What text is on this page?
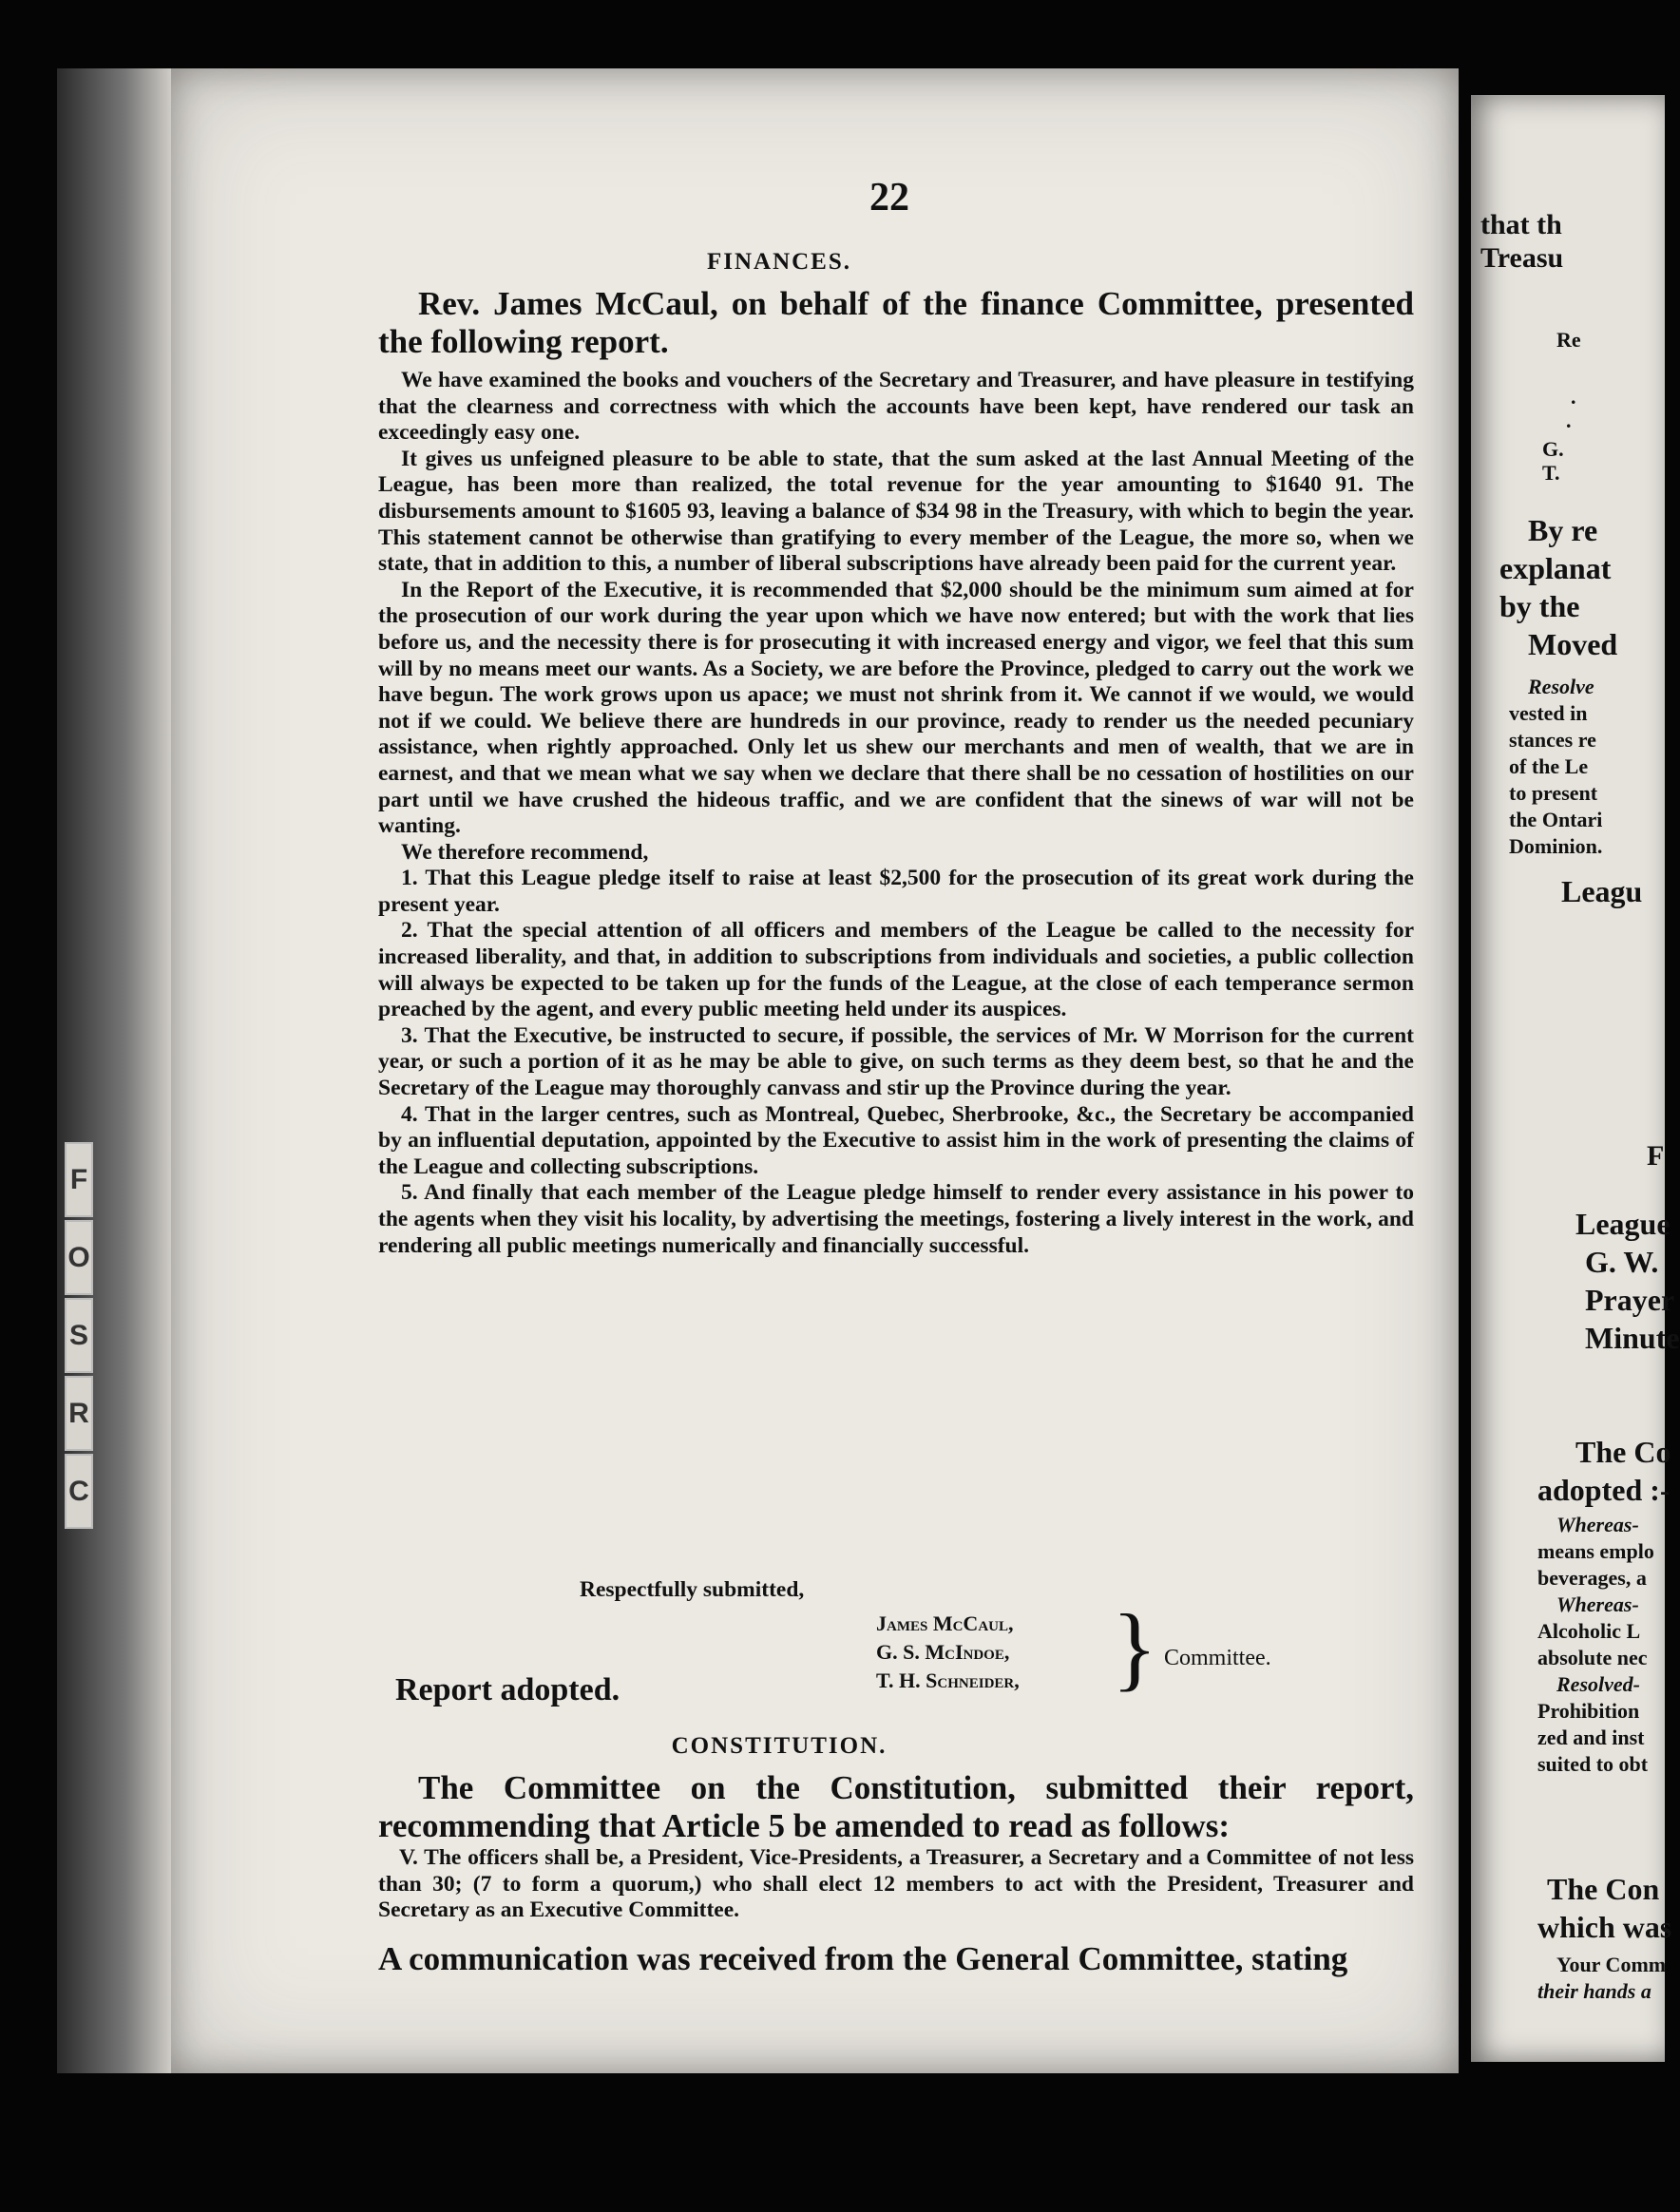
F
O
S
R
C
22
FINANCES.
Rev. James McCaul, on behalf of the finance Committee, presented the following report.

We have examined the books and vouchers of the Secretary and Treasurer, and have pleasure in testifying that the clearness and correctness with which the accounts have been kept, have rendered our task an exceedingly easy one.

It gives us unfeigned pleasure to be able to state, that the sum asked at the last Annual Meeting of the League, has been more than realized, the total revenue for the year amounting to $1640 91. The disbursements amount to $1605 93, leaving a balance of $34 98 in the Treasury, with which to begin the year. This statement cannot be otherwise than gratifying to every member of the League, the more so, when we state, that in addition to this, a number of liberal subscriptions have already been paid for the current year.

In the Report of the Executive, it is recommended that $2,000 should be the minimum sum aimed at for the prosecution of our work during the year upon which we have now entered; but with the work that lies before us, and the necessity there is for prosecuting it with increased energy and vigor, we feel that this sum will by no means meet our wants. As a Society, we are before the Province, pledged to carry out the work we have begun. The work grows upon us apace; we must not shrink from it. We cannot if we would, we would not if we could. We believe there are hundreds in our province, ready to render us the needed pecuniary assistance, when rightly approached. Only let us shew our merchants and men of wealth, that we are in earnest, and that we mean what we say when we declare that there shall be no cessation of hostilities on our part until we have crushed the hideous traffic, and we are confident that the sinews of war will not be wanting.

We therefore recommend,

1. That this League pledge itself to raise at least $2,500 for the prosecution of its great work during the present year.

2. That the special attention of all officers and members of the League be called to the necessity for increased liberality, and that, in addition to subscriptions from individuals and societies, a public collection will always be expected to be taken up for the funds of the League, at the close of each temperance sermon preached by the agent, and every public meeting held under its auspices.

3. That the Executive, be instructed to secure, if possible, the services of Mr. W Morrison for the current year, or such a portion of it as he may be able to give, on such terms as they deem best, so that he and the Secretary of the League may thoroughly canvass and stir up the Province during the year.

4. That in the larger centres, such as Montreal, Quebec, Sherbrooke, &c., the Secretary be accompanied by an influential deputation, appointed by the Executive to assist him in the work of presenting the claims of the League and collecting subscriptions.

5. And finally that each member of the League pledge himself to render every assistance in his power to the agents when they visit his locality, by advertising the meetings, fostering a lively interest in the work, and rendering all public meetings numerically and financially successful.

Respectfully submitted,
James McCaul,
G. S. McIndoe,
T. H. Schneider, } Committee.
Report adopted.
CONSTITUTION.
The Committee on the Constitution, submitted their report, recommending that Article 5 be amended to read as follows:
V. The officers shall be, a President, Vice-Presidents, a Treasurer, a Secretary and a Committee of not less than 30; (7 to form a quorum,) who shall elect 12 members to act with the President, Treasurer and Secretary as an Executive Committee.
A communication was received from the General Committee, stating
that th
Treasu
Re
.
.
G.
T.
By re
explanat
by the
Moved
Resolve
vested in
stances re
of the Le
to present
the Ontari
Dominion.
Leagu
F
League
G. W.
Prayer
Minute
The Co
adopted :-
Whereas-
means emplo
beverages, a
Whereas-
Alcoholic L
absolute nec
Resolved-
Prohibition
zed and inst
suited to obt
The Con
which was
Your Comm
their hands a
